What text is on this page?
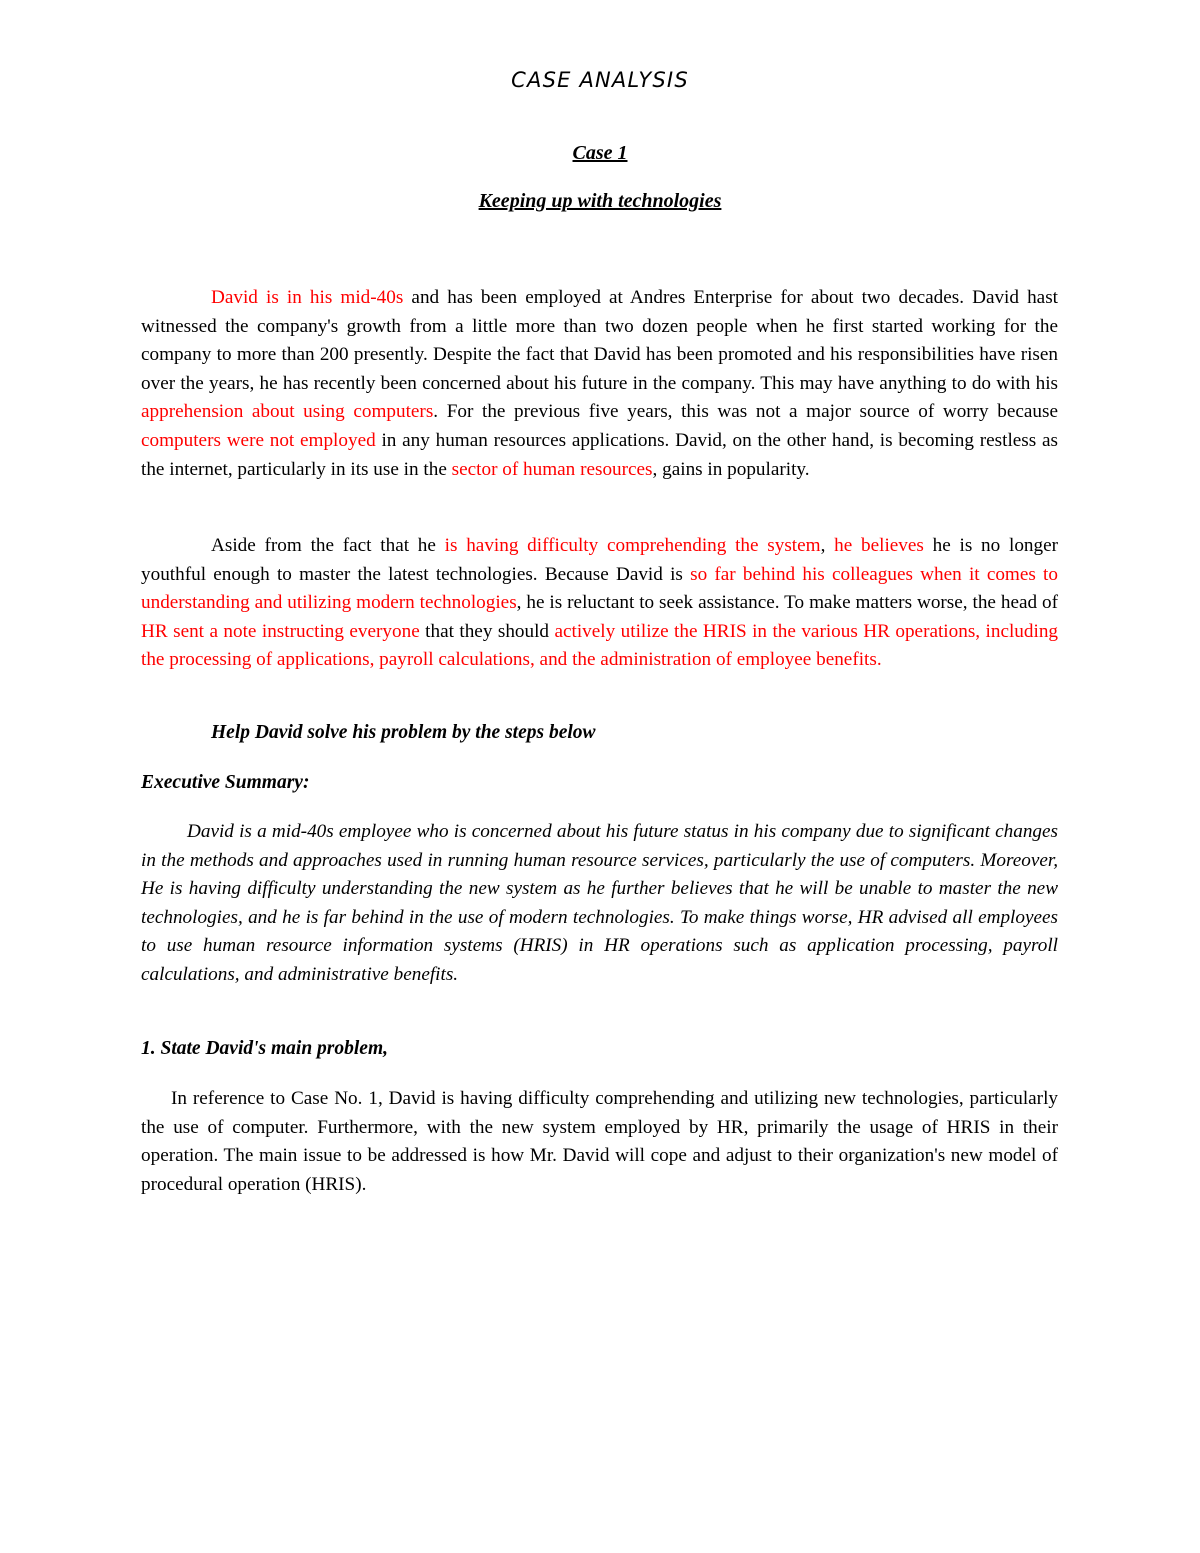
CASE ANALYSIS
Case 1
Keeping up with technologies

David is in his mid-40s and has been employed at Andres Enterprise for about two decades. David hast witnessed the company's growth from a little more than two dozen people when he first started working for the company to more than 200 presently. Despite the fact that David has been promoted and his responsibilities have risen over the years, he has recently been concerned about his future in the company. This may have anything to do with his apprehension about using computers. For the previous five years, this was not a major source of worry because computers were not employed in any human resources applications. David, on the other hand, is becoming restless as the internet, particularly in its use in the sector of human resources, gains in popularity.

Aside from the fact that he is having difficulty comprehending the system, he believes he is no longer youthful enough to master the latest technologies. Because David is so far behind his colleagues when it comes to understanding and utilizing modern technologies, he is reluctant to seek assistance. To make matters worse, the head of HR sent a note instructing everyone that they should actively utilize the HRIS in the various HR operations, including the processing of applications, payroll calculations, and the administration of employee benefits.

Help David solve his problem by the steps below
Executive Summary:

David is a mid-40s employee who is concerned about his future status in his company due to significant changes in the methods and approaches used in running human resource services, particularly the use of computers. Moreover, He is having difficulty understanding the new system as he further believes that he will be unable to master the new technologies, and he is far behind in the use of modern technologies. To make things worse, HR advised all employees to use human resource information systems (HRIS) in HR operations such as application processing, payroll calculations, and administrative benefits.

1. State David's main problem,

In reference to Case No. 1, David is having difficulty comprehending and utilizing new technologies, particularly the use of computer. Furthermore, with the new system employed by HR, primarily the usage of HRIS in their operation. The main issue to be addressed is how Mr. David will cope and adjust to their organization's new model of procedural operation (HRIS).
